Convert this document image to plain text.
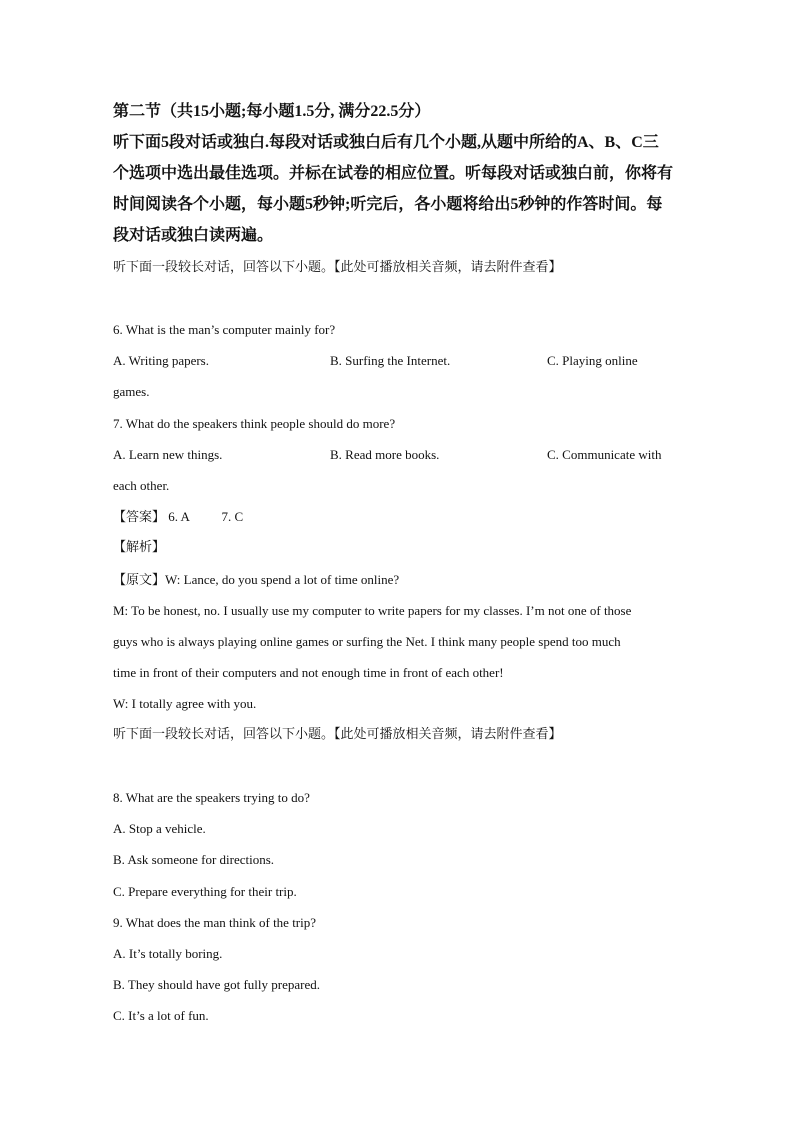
第二节（共15小题;每小题1.5分, 满分22.5分）
听下面5段对话或独白.每段对话或独白后有几个小题,从题中所给的A、B、C三
个选项中选出最佳选项。并标在试卷的相应位置。听每段对话或独白前，你将有
时间阅读各个小题，每小题5秒钟;听完后，各小题将给出5秒钟的作答时间。每
段对话或独白读两遍。
听下面一段较长对话，回答以下小题。【此处可播放相关音频，请去附件查看】
6. What is the man’s computer mainly for?
A. Writing papers.	B. Surfing the Internet.	C. Playing online
games.
7. What do the speakers think people should do more?
A. Learn new things.	B. Read more books.	C. Communicate with
each other.
【答案】 6. A 7. C
【解析】
【原文】W: Lance, do you spend a lot of time online?
M: To be honest, no. I usually use my computer to write papers for my classes. I’m not one of those
guys who is always playing online games or surfing the Net. I think many people spend too much
time in front of their computers and not enough time in front of each other!
W: I totally agree with you.
听下面一段较长对话，回答以下小题。【此处可播放相关音频，请去附件查看】
8. What are the speakers trying to do?
A. Stop a vehicle.
B. Ask someone for directions.
C. Prepare everything for their trip.
9. What does the man think of the trip?
A. It’s totally boring.
B. They should have got fully prepared.
C. It’s a lot of fun.
